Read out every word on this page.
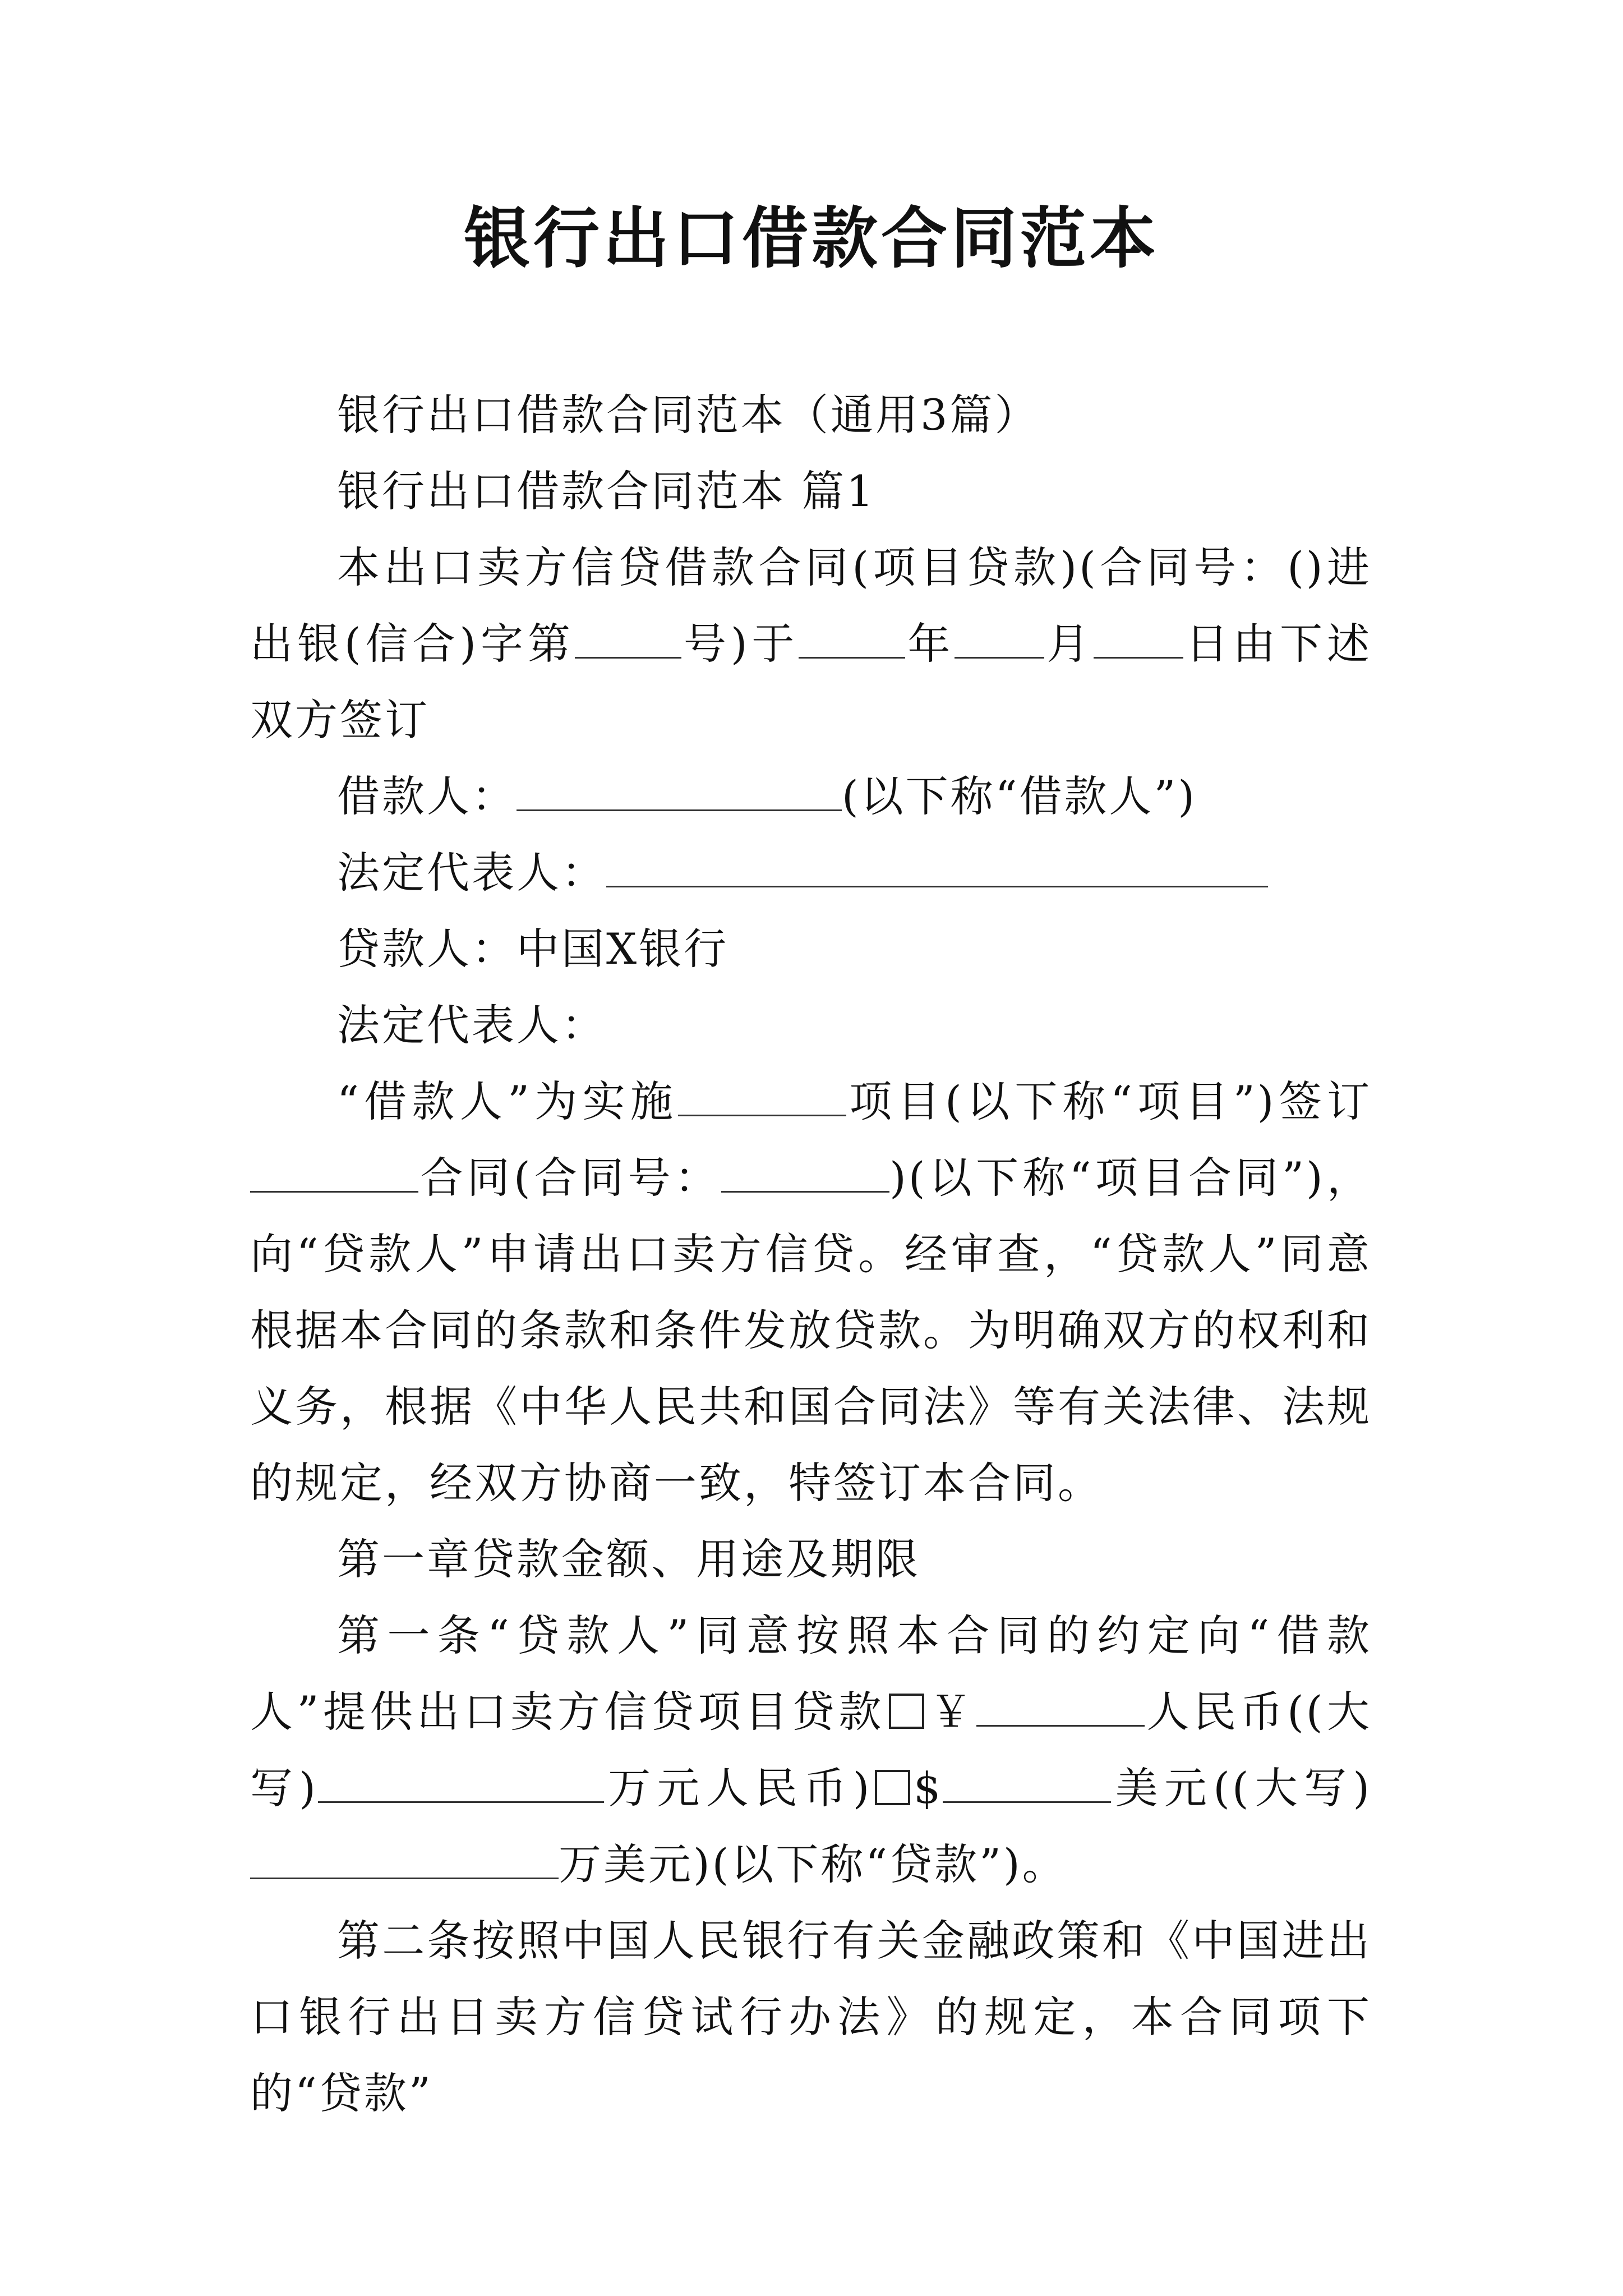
银行出口借款合同范本

银行出口借款合同范本（通用3篇）

银行出口借款合同范本 篇1

本出口卖方信贷借款合同(项目贷款)(合同号：()进出银(信合)字第	号)于	年 月 日由下述双方签订

借款人：	(以下称“借款人”)

法定代表人：

贷款人：中国X银行

法定代表人：

“借款人”为实施	项目(以下称“项目”)签订合同(合同号：	)(以下称“项目合同”)，向“贷款人”申请出口卖方信贷。经审查，“贷款人”同意根据本合同的条款和条件发放贷款。为明确双方的权利和义务，根据《中华人民共和国合同法》等有关法律、法规的规定，经双方协商一致，特签订本合同。

第一章贷款金额、用途及期限

第一条“贷款人”同意按照本合同的约定向“借款人”提供出口卖方信贷项目贷款 ￥	人民币((大写)	万元人民币) $	美元((大写)万美元)(以下称“贷款”)。

第二条按照中国人民银行有关金融政策和《中国进出口银行出日卖方信贷试行办法》的规定，本合同项下的“贷款”
